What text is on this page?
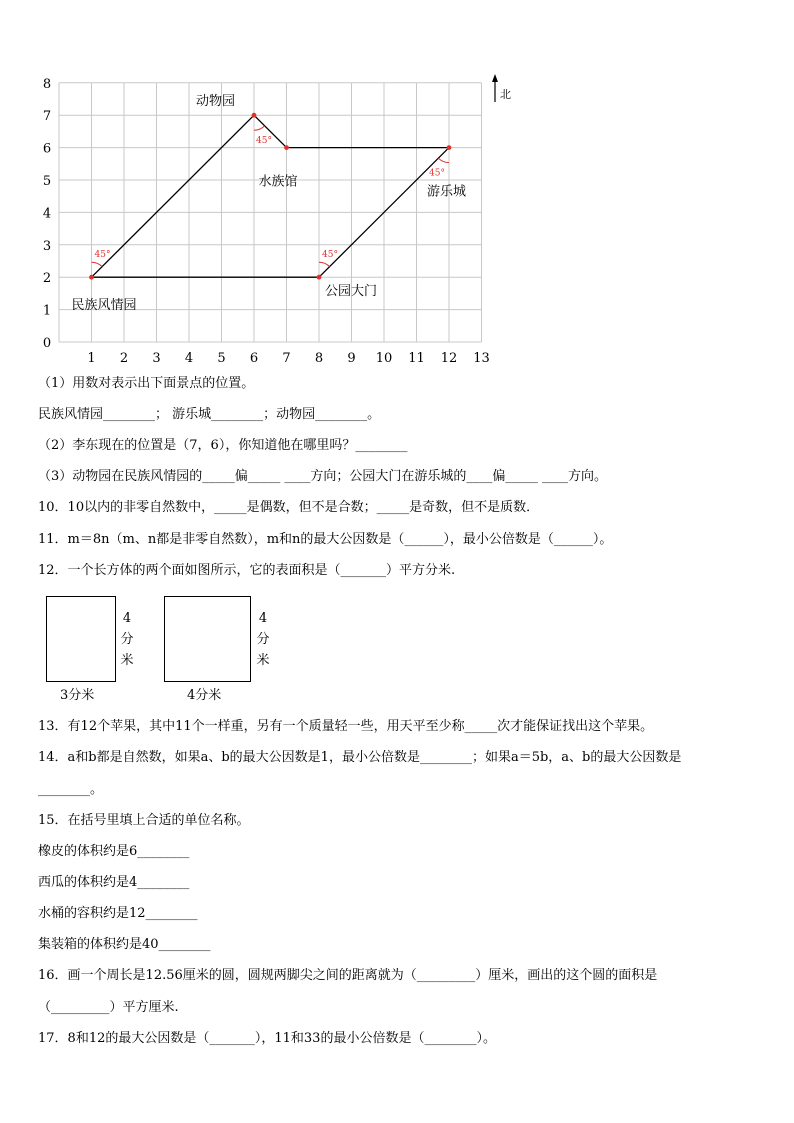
1 2 3 4 5 6 7 8 9 10 11 12 13
0
1
2
3
4
5
6
7
8
北
民族风情园
动物园
水族馆
游乐城
公园大门
45°	45°
45°
45°
（1）用数对表示出下面景点的位置。
民族风情园________； 游乐城________；动物园________。
（2）李东现在的位置是（7，6），你知道他在哪里吗？________
（3）动物园在民族风情园的_____偏_____ ____方向；公园大门在游乐城的____偏_____ ____方向。
10．10以内的非零自然数中，_____是偶数，但不是合数；_____是奇数，但不是质数．
11．m＝8n（m、n都是非零自然数），m和n的最大公因数是（______），最小公倍数是（______）。
12．一个长方体的两个面如图所示，它的表面积是（_______）平方分米.
3分米
4
分
米
4分米
4
分
米
13．有12个苹果，其中11个一样重，另有一个质量轻一些，用天平至少称_____次才能保证找出这个苹果。
14．a和b都是自然数，如果a、b的最大公因数是1，最小公倍数是________；如果a＝5b，a、b的最大公因数是
________。
15．在括号里填上合适的单位名称。
橡皮的体积约是6________
西瓜的体积约是4________
水桶的容积约是12________
集装箱的体积约是40________
16．画一个周长是12.56厘米的圆，圆规两脚尖之间的距离就为（_________）厘米，画出的这个圆的面积是
（_________）平方厘米.
17．8和12的最大公因数是（_______），11和33的最小公倍数是（________）。
